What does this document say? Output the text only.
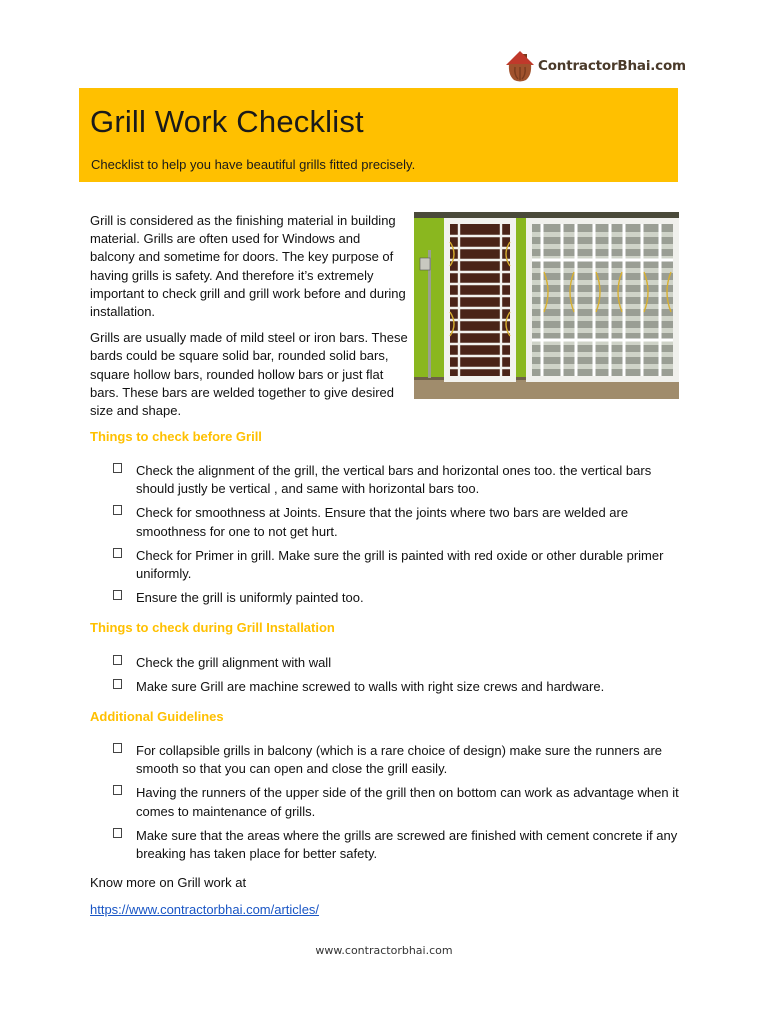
ContractorBhai.com
Grill Work Checklist
Checklist to help you have beautiful grills fitted precisely.

Grill is considered as the finishing material in building material. Grills are often used for Windows and balcony and sometime for doors. The key purpose of having grills is safety. And therefore it’s extremely important to check grill and grill work before and during installation.

Grills are usually made of mild steel or iron bars. These bards could be square solid bar, rounded solid bars, square hollow bars, rounded hollow bars or just flat bars. These bars are welded together to give desired size and shape.

Things to check before Grill
Check the alignment of the grill, the vertical bars and horizontal ones too. the vertical bars should justly be vertical , and same with horizontal bars too.
Check for smoothness at Joints. Ensure that the joints where two bars are welded are smoothness for one to not get hurt.
Check for Primer in grill. Make sure the grill is painted with red oxide or other durable primer uniformly.
Ensure the grill is uniformly painted too.
Things to check during Grill Installation
Check the grill alignment with wall
Make sure Grill are machine screwed to walls with right size crews and hardware.
Additional Guidelines
For collapsible grills in balcony (which is a rare choice of design) make sure the runners are smooth so that you can open and close the grill easily.
Having the runners of the upper side of the grill then on bottom can work as advantage when it comes to maintenance of grills.
Make sure that the areas where the grills are screwed are finished with cement concrete if any breaking has taken place for better safety.
Know more on Grill work at
https://www.contractorbhai.com/articles/
www.contractorbhai.com
